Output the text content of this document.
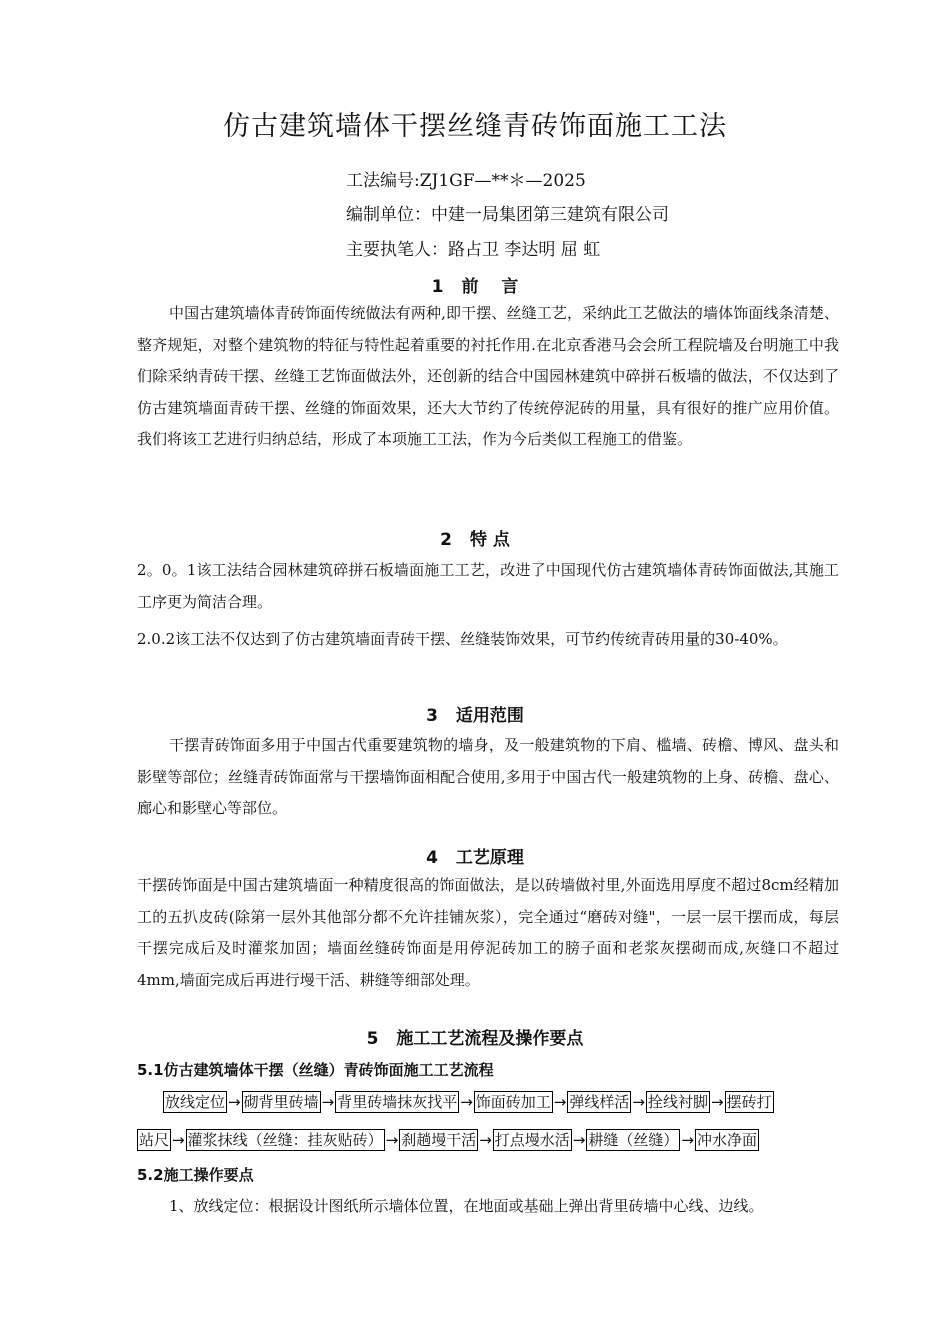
仿古建筑墙体干摆丝缝青砖饰面施工工法
工法编号:ZJ1GF—**＊—2025
编制单位：中建一局集团第三建筑有限公司
主要执笔人：路占卫 李达明 屈 虹
1 前　 言
中国古建筑墙体青砖饰面传统做法有两种,即干摆、丝缝工艺，采纳此工艺做法的墙体饰面线条清楚、整齐规矩，对整个建筑物的特征与特性起着重要的衬托作用.在北京香港马会会所工程院墙及台明施工中我们除采纳青砖干摆、丝缝工艺饰面做法外，还创新的结合中国园林建筑中碎拼石板墙的做法，不仅达到了仿古建筑墙面青砖干摆、丝缝的饰面效果，还大大节约了传统停泥砖的用量，具有很好的推广应用价值。我们将该工艺进行归纳总结，形成了本项施工工法，作为今后类似工程施工的借鉴。
2 特 点
2。0。1该工法结合园林建筑碎拼石板墙面施工工艺，改进了中国现代仿古建筑墙体青砖饰面做法,其施工工序更为简洁合理。
2.0.2该工法不仅达到了仿古建筑墙面青砖干摆、丝缝装饰效果，可节约传统青砖用量的30-40%。
3 适用范围
干摆青砖饰面多用于中国古代重要建筑物的墙身，及一般建筑物的下肩、槛墙、砖檐、博风、盘头和影壁等部位；丝缝青砖饰面常与干摆墙饰面相配合使用,多用于中国古代一般建筑物的上身、砖檐、盘心、廊心和影壁心等部位。
4 工艺原理
干摆砖饰面是中国古建筑墙面一种精度很高的饰面做法，是以砖墙做衬里,外面选用厚度不超过8cm经精加工的五扒皮砖(除第一层外其他部分都不允许挂铺灰浆），完全通过“磨砖对缝"，一层一层干摆而成，每层干摆完成后及时灌浆加固；墙面丝缝砖饰面是用停泥砖加工的膀子面和老浆灰摆砌而成,灰缝口不超过4mm,墙面完成后再进行墁干活、耕缝等细部处理。
5 施工工艺流程及操作要点
5.1仿古建筑墙体干摆（丝缝）青砖饰面施工工艺流程
放线定位 → 砌背里砖墙 → 背里砖墙抹灰找平 → 饰面砖加工 → 弹线样活 → 拴线衬脚 → 摆砖打
站尺 → 灌浆抹线（丝缝：挂灰贴砖） → 刹趟墁干活 → 打点墁水活 → 耕缝（丝缝） → 冲水净面
5.2施工操作要点
1、放线定位：根据设计图纸所示墙体位置，在地面或基础上弹出背里砖墙中心线、边线。
